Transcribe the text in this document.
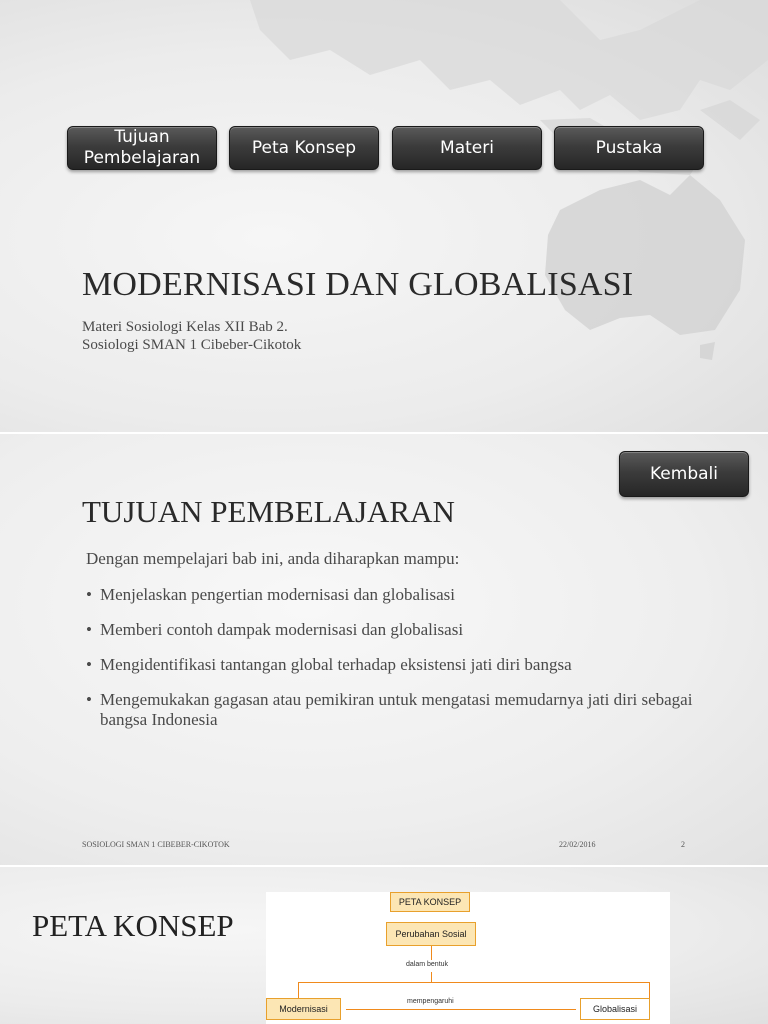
Tujuan
Pembelajaran
Peta Konsep	Materi	Pustaka
MODERNISASI DAN GLOBALISASI

Materi Sosiologi Kelas XII Bab 2.

Sosiologi SMAN 1 Cibeber-Cikotok

Kembali
TUJUAN PEMBELAJARAN

Dengan mempelajari bab ini, anda diharapkan mampu:

• Menjelaskan pengertian modernisasi dan globalisasi
• Memberi contoh dampak modernisasi dan globalisasi
• Mengidentifikasi tantangan global terhadap eksistensi jati diri bangsa
• Mengemukakan gagasan atau pemikiran untuk mengatasi memudarnya jati diri sebagai bangsa Indonesia

SOSIOLOGI SMAN 1 CIBEBER-CIKOTOK	22/02/2016	2

PETA KONSEP
PETA KONSEP
Perubahan Sosial
dalam bentuk
Modernisasi
mempengaruhi
Globalisasi
